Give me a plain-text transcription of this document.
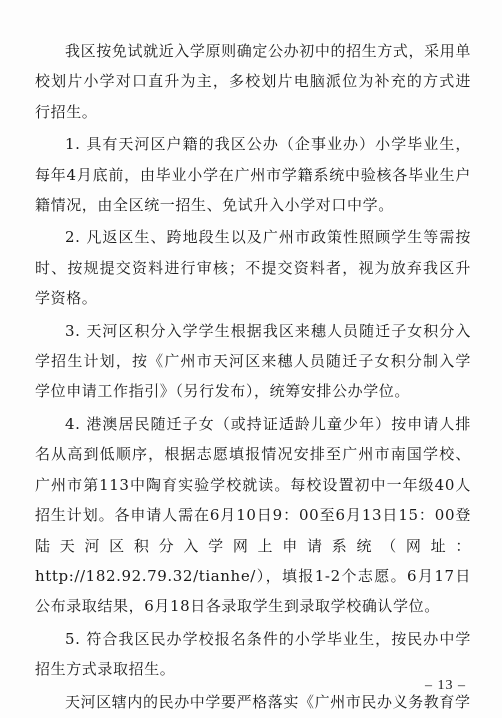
我区按免试就近入学原则确定公办初中的招生方式，采用单校划片小学对口直升为主，多校划片电脑派位为补充的方式进行招生。

1. 具有天河区户籍的我区公办（企事业办）小学毕业生，每年4月底前，由毕业小学在广州市学籍系统中验核各毕业生户籍情况，由全区统一招生、免试升入小学对口中学。

2. 凡返区生、跨地段生以及广州市政策性照顾学生等需按时、按规提交资料进行审核；不提交资料者，视为放弃我区升学资格。

3. 天河区积分入学学生根据我区来穗人员随迁子女积分入学招生计划，按《广州市天河区来穗人员随迁子女积分制入学学位申请工作指引》（另行发布），统筹安排公办学位。

4. 港澳居民随迁子女（或持证适龄儿童少年）按申请人排名从高到低顺序，根据志愿填报情况安排至广州市南国学校、广州市第113中陶育实验学校就读。每校设置初中一年级40人招生计划。各申请人需在6月10日9：00至6月13日15：00登陆天河区积分入学网上申请系统（网址：http://182.92.79.32/tianhe/），填报1-2个志愿。6月17日公布录取结果，6月18日各录取学生到录取学校确认学位。

5. 符合我区民办学校报名条件的小学毕业生，按民办中学招生方式录取招生。

天河区辖内的民办中学要严格落实《广州市民办义务教育学

– 13 –
